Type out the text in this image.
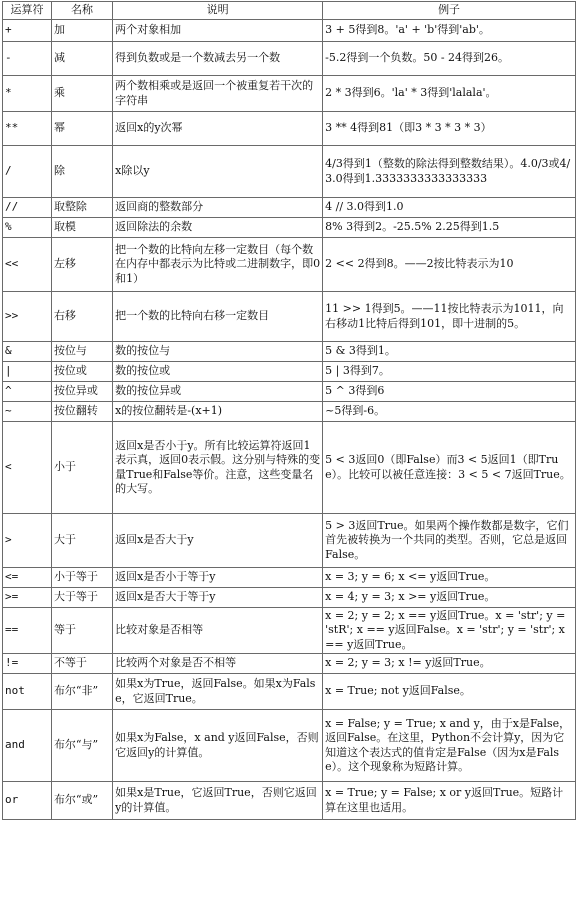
运算符	名称	说明	例子
+	加	两个对象相加	3 + 5得到8。'a' + 'b'得到'ab'。
-	减	得到负数或是一个数减去另一个数	-5.2得到一个负数。50 - 24得到26。
*	乘	两个数相乘或是返回一个被重复若干次的字符串	2 * 3得到6。'la' * 3得到'lalala'。
**	幂	返回x的y次幂	3 ** 4得到81（即3 * 3 * 3 * 3）
/	除	x除以y	4/3得到1（整数的除法得到整数结果）。4.0/3或4/3.0得到1.3333333333333333
//	取整除	返回商的整数部分	4 // 3.0得到1.0
%	取模	返回除法的余数	8% 3得到2。-25.5% 2.25得到1.5
<<	左移	把一个数的比特向左移一定数目（每个数在内存中都表示为比特或二进制数字，即0和1）	2 << 2得到8。——2按比特表示为10
>>	右移	把一个数的比特向右移一定数目	11 >> 1得到5。——11按比特表示为1011，向右移动1比特后得到101，即十进制的5。
&	按位与	数的按位与	5 & 3得到1。
|	按位或	数的按位或	5 | 3得到7。
^	按位异或	数的按位异或	5 ^ 3得到6
~	按位翻转	x的按位翻转是-(x+1)	~5得到-6。
<	小于	返回x是否小于y。所有比较运算符返回1表示真，返回0表示假。这分别与特殊的变量True和False等价。注意，这些变量名的大写。	5 < 3返回0（即False）而3 < 5返回1（即True）。比较可以被任意连接：3 < 5 < 7返回True。
>	大于	返回x是否大于y	5 > 3返回True。如果两个操作数都是数字，它们首先被转换为一个共同的类型。否则，它总是返回False。
<=	小于等于	返回x是否小于等于y	x = 3; y = 6; x <= y返回True。
>=	大于等于	返回x是否大于等于y	x = 4; y = 3; x >= y返回True。
==	等于	比较对象是否相等	x = 2; y = 2; x == y返回True。x = 'str'; y = 'stR'; x == y返回False。x = 'str'; y = 'str'; x == y返回True。
!=	不等于	比较两个对象是否不相等	x = 2; y = 3; x != y返回True。
not	布尔“非”	如果x为True，返回False。如果x为False，它返回True。	x = True; not y返回False。
and	布尔“与”	如果x为False，x and y返回False，否则它返回y的计算值。	x = False; y = True; x and y，由于x是False，返回False。在这里，Python不会计算y，因为它知道这个表达式的值肯定是False（因为x是False）。这个现象称为短路计算。
or	布尔“或”	如果x是True，它返回True，否则它返回y的计算值。	x = True; y = False; x or y返回True。短路计算在这里也适用。
